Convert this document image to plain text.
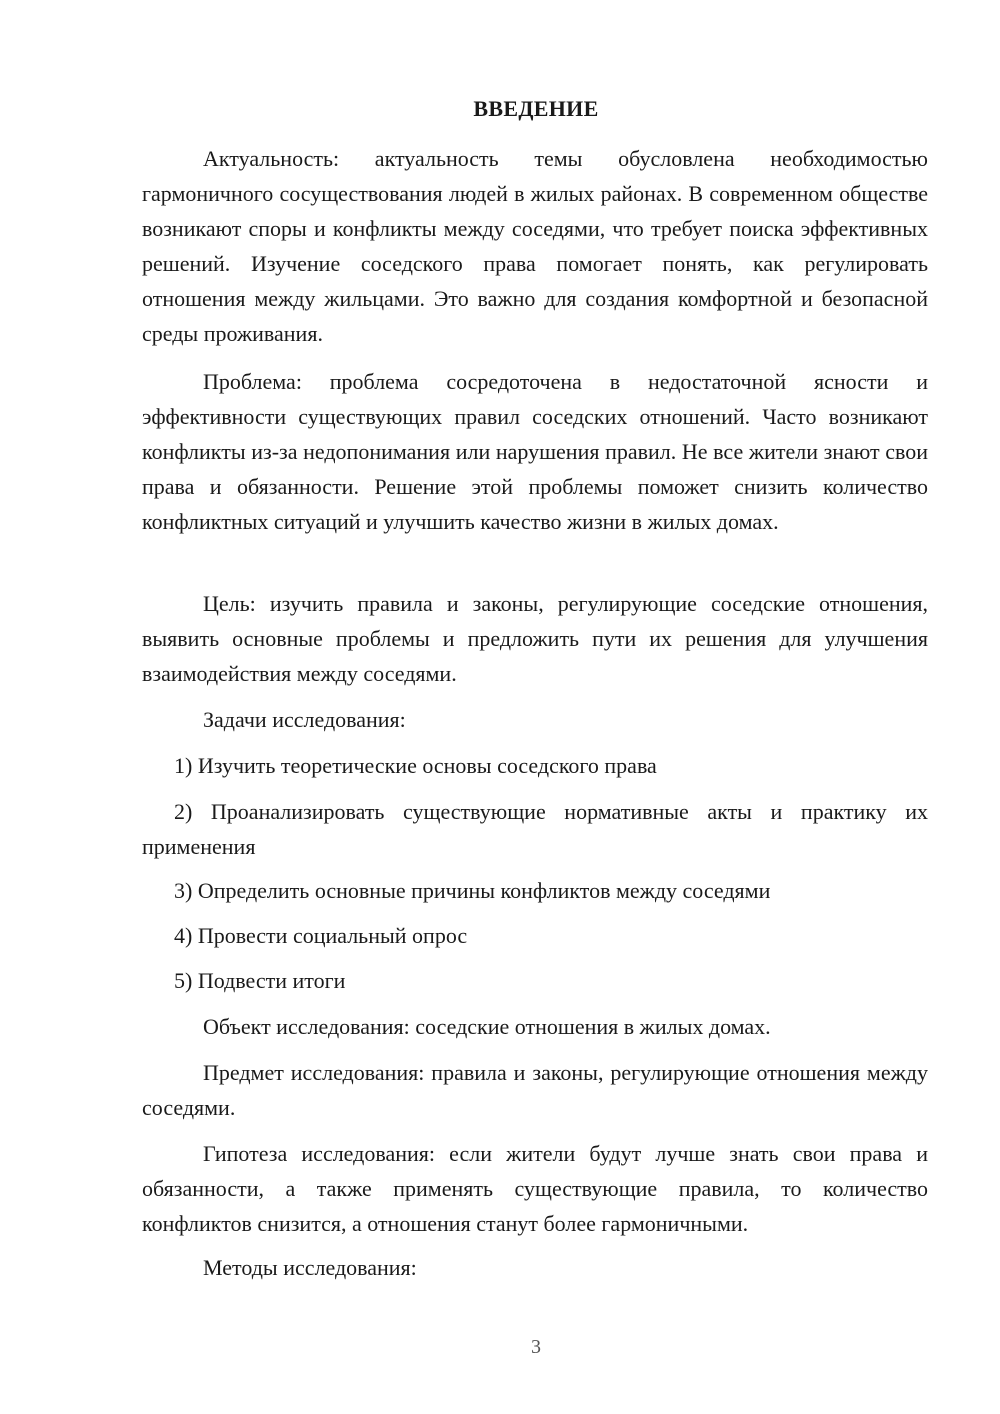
ВВЕДЕНИЕ

Актуальность: актуальность темы обусловлена необходимостью гармоничного сосуществования людей в жилых районах. В современном обществе возникают споры и конфликты между соседями, что требует поиска эффективных решений. Изучение соседского права помогает понять, как регулировать отношения между жильцами. Это важно для создания комфортной и безопасной среды проживания.

Проблема: проблема сосредоточена в недостаточной ясности и эффективности существующих правил соседских отношений. Часто возникают конфликты из-за недопонимания или нарушения правил. Не все жители знают свои права и обязанности. Решение этой проблемы поможет снизить количество конфликтных ситуаций и улучшить качество жизни в жилых домах.

Цель: изучить правила и законы, регулирующие соседские отношения, выявить основные проблемы и предложить пути их решения для улучшения взаимодействия между соседями.

Задачи исследования:

1) Изучить теоретические основы соседского права

2) Проанализировать существующие нормативные акты и практику их применения

3) Определить основные причины конфликтов между соседями

4) Провести социальный опрос

5) Подвести итоги

Объект исследования: соседские отношения в жилых домах.

Предмет исследования: правила и законы, регулирующие отношения между соседями.

Гипотеза исследования: если жители будут лучше знать свои права и обязанности, а также применять существующие правила, то количество конфликтов снизится, а отношения станут более гармоничными.

Методы исследования:

3
